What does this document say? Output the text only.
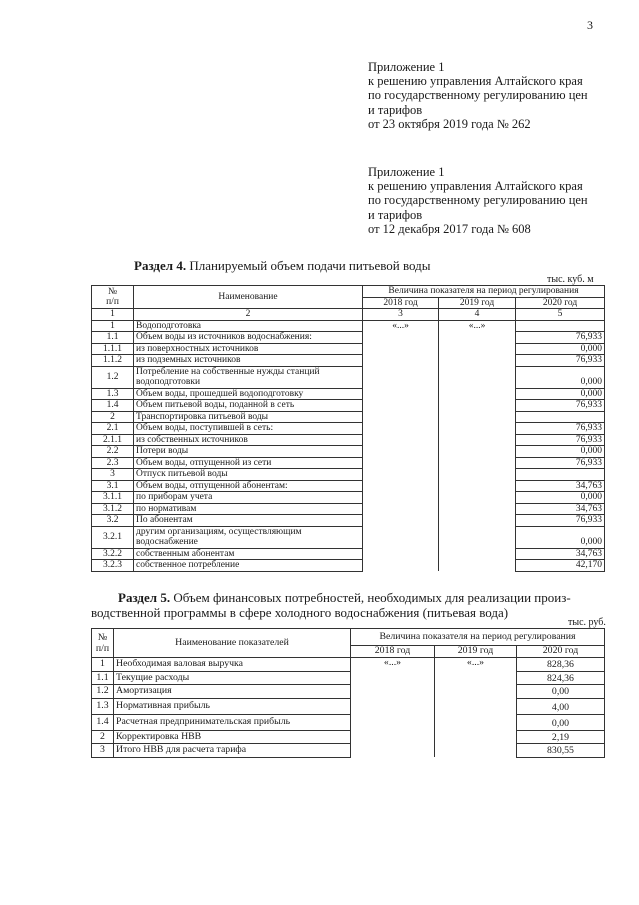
3
Приложение 1
к решению управления Алтайского края
по государственному регулированию цен
и тарифов
от 23 октября 2019 года № 262
Приложение 1
к решению управления Алтайского края
по государственному регулированию цен
и тарифов
от 12 декабря 2017 года № 608
Раздел 4. Планируемый объем подачи питьевой воды
тыс. куб. м
№
п/п	Наименование	Величина показателя на период регулирования		
		2018 год	2019 год	2020 год
1	2	3	4	5
1	Водоподготовка	«...»	«...»	
1.1	Объем воды из источников водоснабжения:			76,933
1.1.1	из поверхностных источников			0,000
1.1.2	из подземных источников			76,933
1.2	Потребление на собственные нужды станций водоподготовки			0,000
1.3	Объем воды, прошедшей водоподготовку			0,000
1.4	Объем питьевой воды, поданной в сеть			76,933
2	Транспортировка питьевой воды			
2.1	Объем воды, поступившей в сеть:			76,933
2.1.1	из собственных источников			76,933
2.2	Потери воды			0,000
2.3	Объем воды, отпущенной из сети			76,933
3	Отпуск питьевой воды			
3.1	Объем воды, отпущенной абонентам:			34,763
3.1.1	по приборам учета			0,000
3.1.2	по нормативам			34,763
3.2	По абонентам			76,933
3.2.1	другим организациям, осуществляющим водоснабжение			0,000
3.2.2	собственным абонентам			34,763
3.2.3	собственное потребление			42,170
Раздел 5. Объем финансовых потребностей, необходимых для реализации произ-
водственной программы в сфере холодного водоснабжения (питьевая вода)
тыс. руб.
№
п/п	Наименование показателей	Величина показателя на период регулирования		
		2018 год	2019 год	2020 год
1	Необходимая валовая выручка	«...»	«...»	828,36
1.1	Текущие расходы			824,36
1.2	Амортизация			0,00
1.3	Нормативная прибыль			4,00
1.4	Расчетная предпринимательская прибыль			0,00
2	Корректировка НВВ			2,19
3	Итого НВВ для расчета тарифа			830,55
